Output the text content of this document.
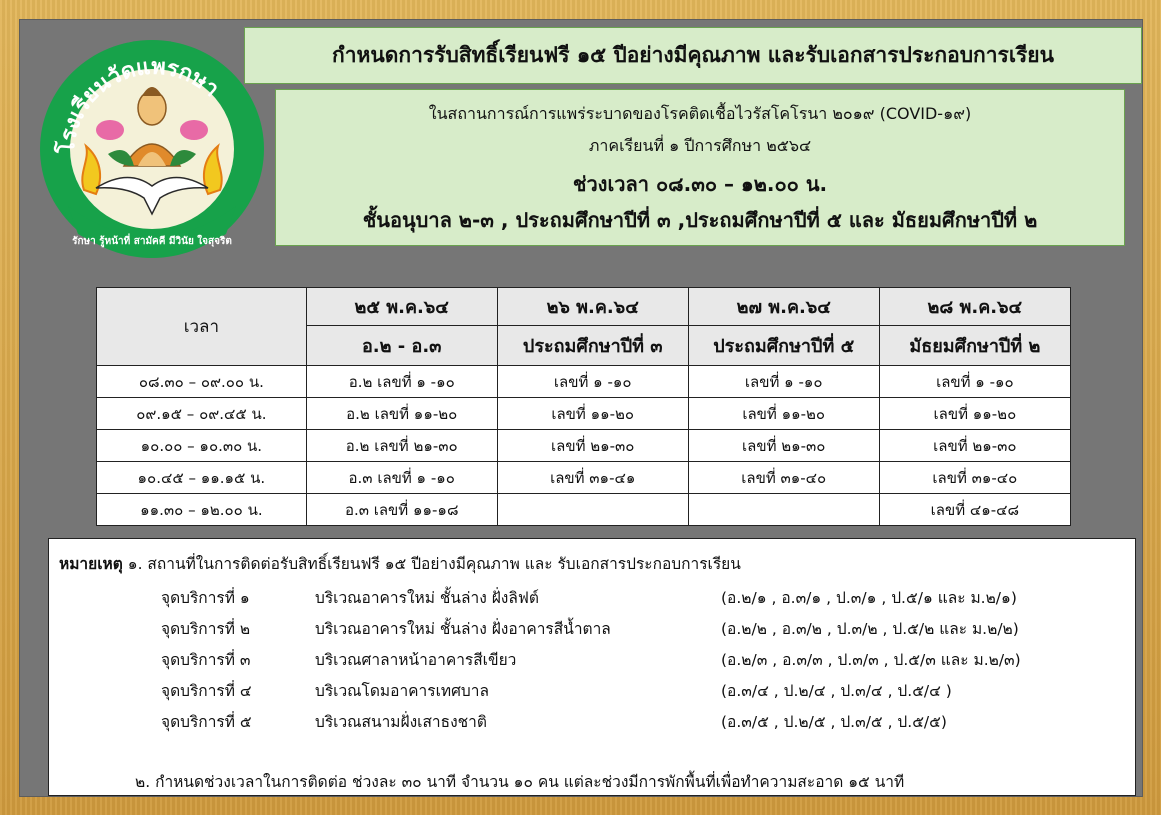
โรงเรียนวัดแพรกษา
รักษา รู้หน้าที่ สามัคคี มีวินัย ใจสุจริต
กำหนดการรับสิทธิ์เรียนฟรี ๑๕ ปีอย่างมีคุณภาพ และรับเอกสารประกอบการเรียน
ในสถานการณ์การแพร่ระบาดของโรคติดเชื้อไวรัสโคโรนา ๒๐๑๙ (COVID-๑๙)
ภาคเรียนที่ ๑ ปีการศึกษา ๒๕๖๔
ช่วงเวลา ๐๘.๓๐ – ๑๒.๐๐ น.
ชั้นอนุบาล ๒-๓ , ประถมศึกษาปีที่ ๓ ,ประถมศึกษาปีที่ ๕ และ มัธยมศึกษาปีที่ ๒
เวลา	๒๕ พ.ค.๖๔	๒๖ พ.ค.๖๔	๒๗ พ.ค.๖๔	๒๘ พ.ค.๖๔
	อ.๒ - อ.๓	ประถมศึกษาปีที่ ๓	ประถมศึกษาปีที่ ๕	มัธยมศึกษาปีที่ ๒
๐๘.๓๐ – ๐๙.๐๐ น.	อ.๒ เลขที่ ๑ -๑๐	เลขที่ ๑ -๑๐	เลขที่ ๑ -๑๐	เลขที่ ๑ -๑๐
๐๙.๑๕ – ๐๙.๔๕ น.	อ.๒ เลขที่ ๑๑-๒๐	เลขที่ ๑๑-๒๐	เลขที่ ๑๑-๒๐	เลขที่ ๑๑-๒๐
๑๐.๐๐ – ๑๐.๓๐ น.	อ.๒ เลขที่ ๒๑-๓๐	เลขที่ ๒๑-๓๐	เลขที่ ๒๑-๓๐	เลขที่ ๒๑-๓๐
๑๐.๔๕ – ๑๑.๑๕ น.	อ.๓ เลขที่ ๑ -๑๐	เลขที่ ๓๑-๔๑	เลขที่ ๓๑-๔๐	เลขที่ ๓๑-๔๐
๑๑.๓๐ – ๑๒.๐๐ น.	อ.๓ เลขที่ ๑๑-๑๘			เลขที่ ๔๑-๔๘
หมายเหตุ ๑. สถานที่ในการติดต่อรับสิทธิ์เรียนฟรี ๑๕ ปีอย่างมีคุณภาพ และ รับเอกสารประกอบการเรียน
จุดบริการที่ ๑	บริเวณอาคารใหม่ ชั้นล่าง ฝั่งลิฟต์	(อ.๒/๑ , อ.๓/๑ , ป.๓/๑ , ป.๕/๑ และ ม.๒/๑)
จุดบริการที่ ๒	บริเวณอาคารใหม่ ชั้นล่าง ฝั่งอาคารสีน้ำตาล	(อ.๒/๒ , อ.๓/๒ , ป.๓/๒ , ป.๕/๒ และ ม.๒/๒)
จุดบริการที่ ๓	บริเวณศาลาหน้าอาคารสีเขียว	(อ.๒/๓ , อ.๓/๓ , ป.๓/๓ , ป.๕/๓ และ ม.๒/๓)
จุดบริการที่ ๔	บริเวณโดมอาคารเทศบาล	(อ.๓/๔ , ป.๒/๔ , ป.๓/๔ , ป.๕/๔ )
จุดบริการที่ ๕	บริเวณสนามฝั่งเสาธงชาติ	(อ.๓/๕ , ป.๒/๕ , ป.๓/๕ , ป.๕/๕)
๒. กำหนดช่วงเวลาในการติดต่อ ช่วงละ ๓๐ นาที จำนวน ๑๐ คน แต่ละช่วงมีการพักพื้นที่เพื่อทำความสะอาด ๑๕ นาที
